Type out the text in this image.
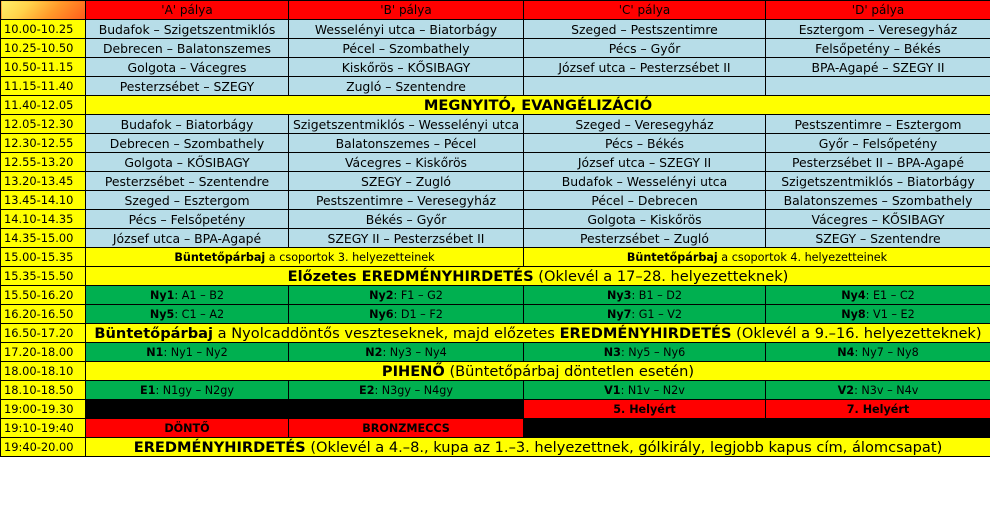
	'A' pálya	'B' pálya	'C' pálya	'D' pálya
10.00-10.25	Budafok – Szigetszentmiklós	Wesselényi utca – Biatorbágy	Szeged – Pestszentimre	Esztergom – Veresegyház
10.25-10.50	Debrecen – Balatonszemes	Pécel – Szombathely	Pécs – Győr	Felsőpetény – Békés
10.50-11.15	Golgota – Vácegres	Kiskőrös – KŐSIBAGY	József utca – Pesterzsébet II	BPA-Agapé – SZEGY II
11.15-11.40	Pesterzsébet – SZEGY	Zugló – Szentendre		
11.40-12.05	MEGNYITÓ, EVANGÉLIZÁCIÓ			
12.05-12.30	Budafok – Biatorbágy	Szigetszentmiklós – Wesselényi utca	Szeged – Veresegyház	Pestszentimre – Esztergom
12.30-12.55	Debrecen – Szombathely	Balatonszemes – Pécel	Pécs – Békés	Győr – Felsőpetény
12.55-13.20	Golgota – KŐSIBAGY	Vácegres – Kiskőrös	József utca – SZEGY II	Pesterzsébet II – BPA-Agapé
13.20-13.45	Pesterzsébet – Szentendre	SZEGY – Zugló	Budafok – Wesselényi utca	Szigetszentmiklós – Biatorbágy
13.45-14.10	Szeged – Esztergom	Pestszentimre – Veresegyház	Pécel – Debrecen	Balatonszemes – Szombathely
14.10-14.35	Pécs – Felsőpetény	Békés – Győr	Golgota – Kiskőrös	Vácegres – KŐSIBAGY
14.35-15.00	József utca – BPA-Agapé	SZEGY II – Pesterzsébet II	Pesterzsébet – Zugló	SZEGY – Szentendre
15.00-15.35	Büntetőpárbaj a csoportok 3. helyezetteinek		Büntetőpárbaj a csoportok 4. helyezetteinek	
15.35-15.50	Előzetes EREDMÉNYHIRDETÉS (Oklevél a 17–28. helyezetteknek)			
15.50-16.20	Ny1: A1 – B2	Ny2: F1 – G2	Ny3: B1 – D2	Ny4: E1 – C2
16.20-16.50	Ny5: C1 – A2	Ny6: D1 – F2	Ny7: G1 – V2	Ny8: V1 – E2
16.50-17.20	Büntetőpárbaj a Nyolcaddöntős veszteseknek, majd előzetes EREDMÉNYHIRDETÉS (Oklevél a 9.–16. helyezetteknek)			
17.20-18.00	N1: Ny1 – Ny2	N2: Ny3 – Ny4	N3: Ny5 – Ny6	N4: Ny7 – Ny8
18.00-18.10	PIHENŐ (Büntetőpárbaj döntetlen esetén)			
18.10-18.50	E1: N1gy – N2gy	E2: N3gy – N4gy	V1: N1v – N2v	V2: N3v – N4v
19:00-19.30			5. Helyért	7. Helyért
19:10-19:40	DÖNTŐ	BRONZMECCS		
19:40-20.00	EREDMÉNYHIRDETÉS (Oklevél a 4.–8., kupa az 1.–3. helyezettnek, gólkirály, legjobb kapus cím, álomcsapat)			
